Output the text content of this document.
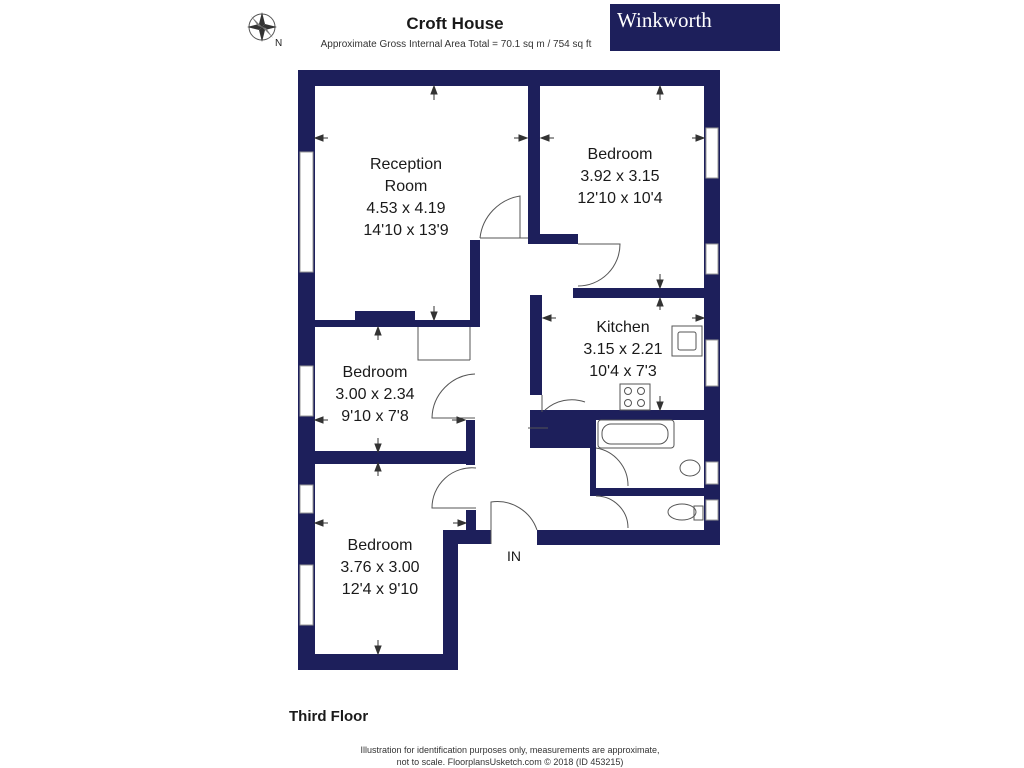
N
Croft House
Approximate Gross Internal Area Total = 70.1 sq m / 754 sq ft
Winkworth
Reception
Room
4.53 x 4.19
14'10 x 13'9
Bedroom
3.92 x 3.15
12'10 x 10'4
Kitchen
3.15 x 2.21
10'4 x 7'3
Bedroom
3.00 x 2.34
9'10 x 7'8
Bedroom
3.76 x 3.00
12'4 x 9'10
IN
Third Floor
Illustration for identification purposes only, measurements are approximate,
not to scale. FloorplansUsketch.com © 2018 (ID 453215)
